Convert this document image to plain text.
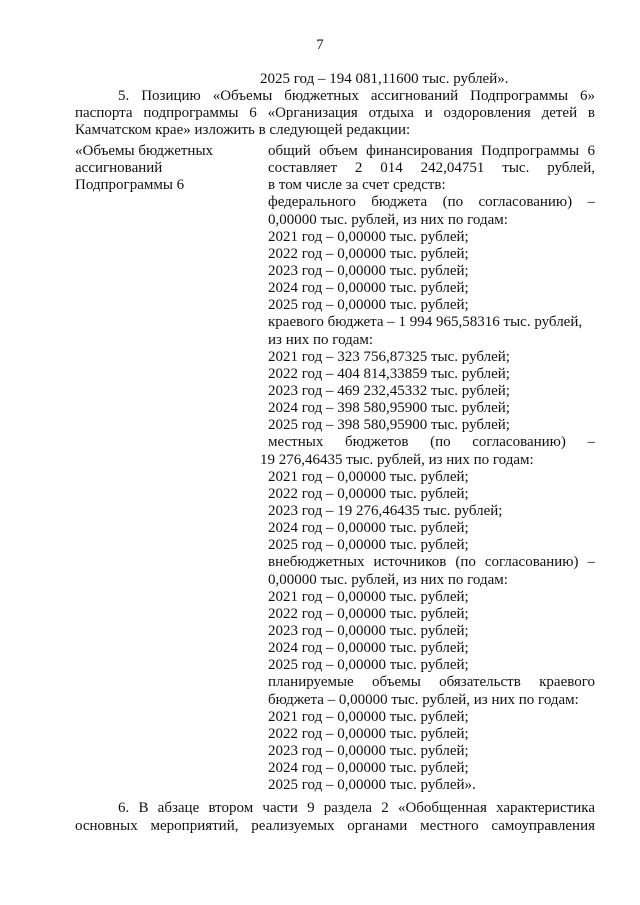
7
2025 год – 194 081,11600 тыс. рублей».
5. Позицию «Объемы бюджетных ассигнований Подпрограммы 6»
паспорта подпрограммы 6 «Организация отдыха и оздоровления детей в
Камчатском крае» изложить в следующей редакции:
«Объемы бюджетных
ассигнований
Подпрограммы 6
общий объем финансирования Подпрограммы 6
составляет 2 014 242,04751 тыс. рублей,
в том числе за счет средств:
федерального бюджета (по согласованию) –
0,00000 тыс. рублей, из них по годам:
2021 год – 0,00000 тыс. рублей;
2022 год – 0,00000 тыс. рублей;
2023 год – 0,00000 тыс. рублей;
2024 год – 0,00000 тыс. рублей;
2025 год – 0,00000 тыс. рублей;
краевого бюджета – 1 994 965,58316 тыс. рублей,
из них по годам:
2021 год – 323 756,87325 тыс. рублей;
2022 год – 404 814,33859 тыс. рублей;
2023 год – 469 232,45332 тыс. рублей;
2024 год – 398 580,95900 тыс. рублей;
2025 год – 398 580,95900 тыс. рублей;
местных бюджетов (по согласованию) –
19 276,46435 тыс. рублей, из них по годам:
2021 год – 0,00000 тыс. рублей;
2022 год – 0,00000 тыс. рублей;
2023 год – 19 276,46435 тыс. рублей;
2024 год – 0,00000 тыс. рублей;
2025 год – 0,00000 тыс. рублей;
внебюджетных источников (по согласованию) –
0,00000 тыс. рублей, из них по годам:
2021 год – 0,00000 тыс. рублей;
2022 год – 0,00000 тыс. рублей;
2023 год – 0,00000 тыс. рублей;
2024 год – 0,00000 тыс. рублей;
2025 год – 0,00000 тыс. рублей;
планируемые объемы обязательств краевого
бюджета – 0,00000 тыс. рублей, из них по годам:
2021 год – 0,00000 тыс. рублей;
2022 год – 0,00000 тыс. рублей;
2023 год – 0,00000 тыс. рублей;
2024 год – 0,00000 тыс. рублей;
2025 год – 0,00000 тыс. рублей».
6. В абзаце втором части 9 раздела 2 «Обобщенная характеристика
основных мероприятий, реализуемых органами местного самоуправления
